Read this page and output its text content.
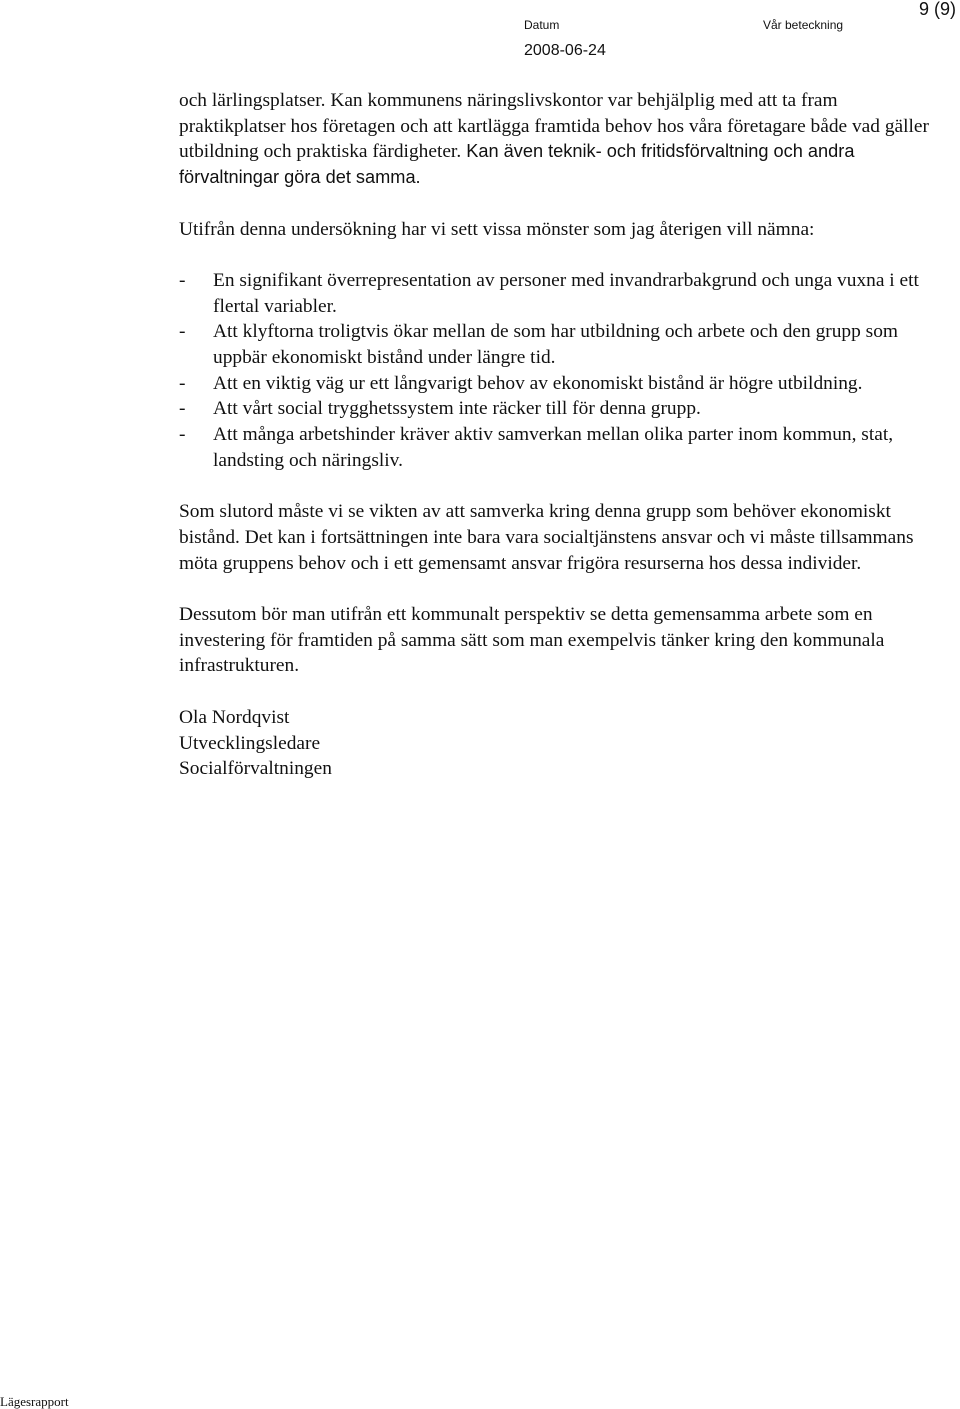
9 (9)
Datum	Vår beteckning
2008-06-24

och lärlingsplatser. Kan kommunens näringslivskontor var behjälplig med att ta fram praktikplatser hos företagen och att kartlägga framtida behov hos våra företagare både vad gäller utbildning och praktiska färdigheter. Kan även teknik- och fritidsförvaltning och andra förvaltningar göra det samma.

Utifrån denna undersökning har vi sett vissa mönster som jag återigen vill nämna:

- En signifikant överrepresentation av personer med invandrarbakgrund och unga vuxna i ett flertal variabler.
- Att klyftorna troligtvis ökar mellan de som har utbildning och arbete och den grupp som uppbär ekonomiskt bistånd under längre tid.
- Att en viktig väg ur ett långvarigt behov av ekonomiskt bistånd är högre utbildning.
- Att vårt social trygghetssystem inte räcker till för denna grupp.
- Att många arbetshinder kräver aktiv samverkan mellan olika parter inom kommun, stat, landsting och näringsliv.

Som slutord måste vi se vikten av att samverka kring denna grupp som behöver ekonomiskt bistånd. Det kan i fortsättningen inte bara vara socialtjänstens ansvar och vi måste tillsammans möta gruppens behov och i ett gemensamt ansvar frigöra resurserna hos dessa individer.

Dessutom bör man utifrån ett kommunalt perspektiv se detta gemensamma arbete som en investering för framtiden på samma sätt som man exempelvis tänker kring den kommunala infrastrukturen.

Ola Nordqvist
Utvecklingsledare
Socialförvaltningen

Lägesrapport
